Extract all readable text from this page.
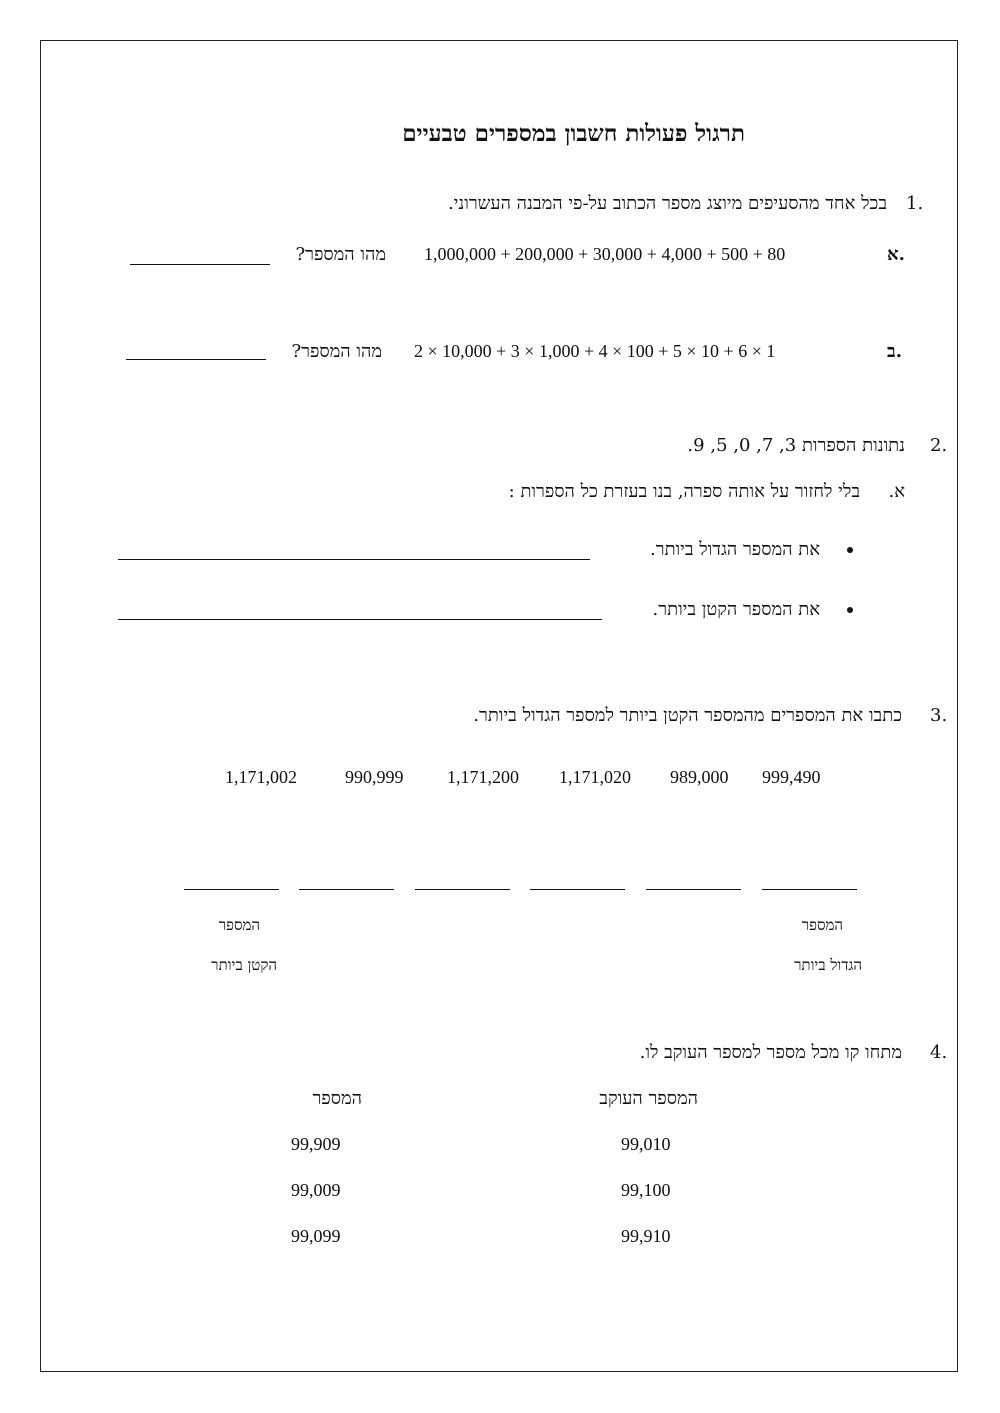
תרגול פעולות חשבון במספרים טבעיים
1.
בכל אחד מהסעיפים מיוצג מספר הכתוב על-פי המבנה העשרוני.
א.
1,000,000 + 200,000 + 30,000 + 4,000 + 500 + 80
מהו המספר?
ב.
2 × 10,000 + 3 × 1,000 + 4 × 100 + 5 × 10 + 6 × 1
מהו המספר?
2.
נתונות הספרות 3, 7, 0, 5, 9.
א.
בלי לחזור על אותה ספרה, בנו בעזרת כל הספרות :
את המספר הגדול ביותר.
את המספר הקטן ביותר.
3.
כתבו את המספרים מהמספר הקטן ביותר למספר הגדול ביותר.
999,490
989,000
1,171,020
1,171,200
990,999
1,171,002
המספר
הגדול ביותר
המספר
הקטן ביותר
4.
מתחו קו מכל מספר למספר העוקב לו.
המספר העוקב
המספר
99,010
99,100
99,910
99,909
99,009
99,099
